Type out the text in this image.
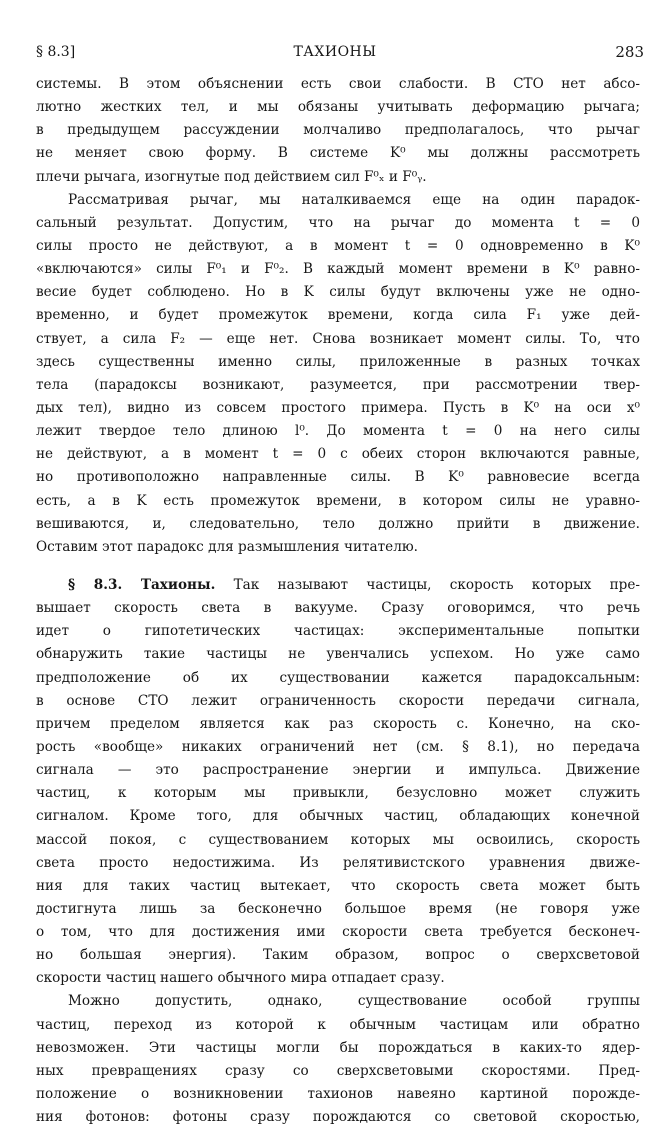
§ 8.3]	ТАХИОНЫ	283
системы. В этом объяснении есть свои слабости. В СТО нет абсо-
лютно жестких тел, и мы обязаны учитывать деформацию рычага;
в предыдущем рассуждении молчаливо предполагалось, что рычаг
не меняет свою форму. В системе K⁰ мы должны рассмотреть
плечи рычага, изогнутые под действием сил F⁰ₓ и F⁰ᵧ.
Рассматривая рычаг, мы наталкиваемся еще на один парадок-
сальный результат. Допустим, что на рычаг до момента t = 0
силы просто не действуют, а в момент t = 0 одновременно в K⁰
«включаются» силы F⁰₁ и F⁰₂. В каждый момент времени в K⁰ равно-
весие будет соблюдено. Но в K силы будут включены уже не одно-
временно, и будет промежуток времени, когда сила F₁ уже дей-
ствует, а сила F₂ — еще нет. Снова возникает момент силы. То, что
здесь существенны именно силы, приложенные в разных точках
тела (парадоксы возникают, разумеется, при рассмотрении твер-
дых тел), видно из совсем простого примера. Пусть в K⁰ на оси x⁰
лежит твердое тело длиною l⁰. До момента t = 0 на него силы
не действуют, а в момент t = 0 с обеих сторон включаются равные,
но противоположно направленные силы. В K⁰ равновесие всегда
есть, а в K есть промежуток времени, в котором силы не уравно-
вешиваются, и, следовательно, тело должно прийти в движение.
Оставим этот парадокс для размышления читателю.
§ 8.3. Тахионы. Так называют частицы, скорость которых пре-
вышает скорость света в вакууме. Сразу оговоримся, что речь
идет о гипотетических частицах: экспериментальные попытки
обнаружить такие частицы не увенчались успехом. Но уже само
предположение об их существовании кажется парадоксальным:
в основе СТО лежит ограниченность скорости передачи сигнала,
причем пределом является как раз скорость c. Конечно, на ско-
рость «вообще» никаких ограничений нет (см. § 8.1), но передача
сигнала — это распространение энергии и импульса. Движение
частиц, к которым мы привыкли, безусловно может служить
сигналом. Кроме того, для обычных частиц, обладающих конечной
массой покоя, с существованием которых мы освоились, скорость
света просто недостижима. Из релятивистского уравнения движе-
ния для таких частиц вытекает, что скорость света может быть
достигнута лишь за бесконечно большое время (не говоря уже
о том, что для достижения ими скорости света требуется бесконеч-
но большая энергия). Таким образом, вопрос о сверхсветовой
скорости частиц нашего обычного мира отпадает сразу.
Можно допустить, однако, существование особой группы
частиц, переход из которой к обычным частицам или обратно
невозможен. Эти частицы могли бы порождаться в каких-то ядер-
ных превращениях сразу со сверхсветовыми скоростями. Пред-
положение о возникновении тахионов навеяно картиной порожде-
ния фотонов: фотоны сразу порождаются со световой скоростью,
